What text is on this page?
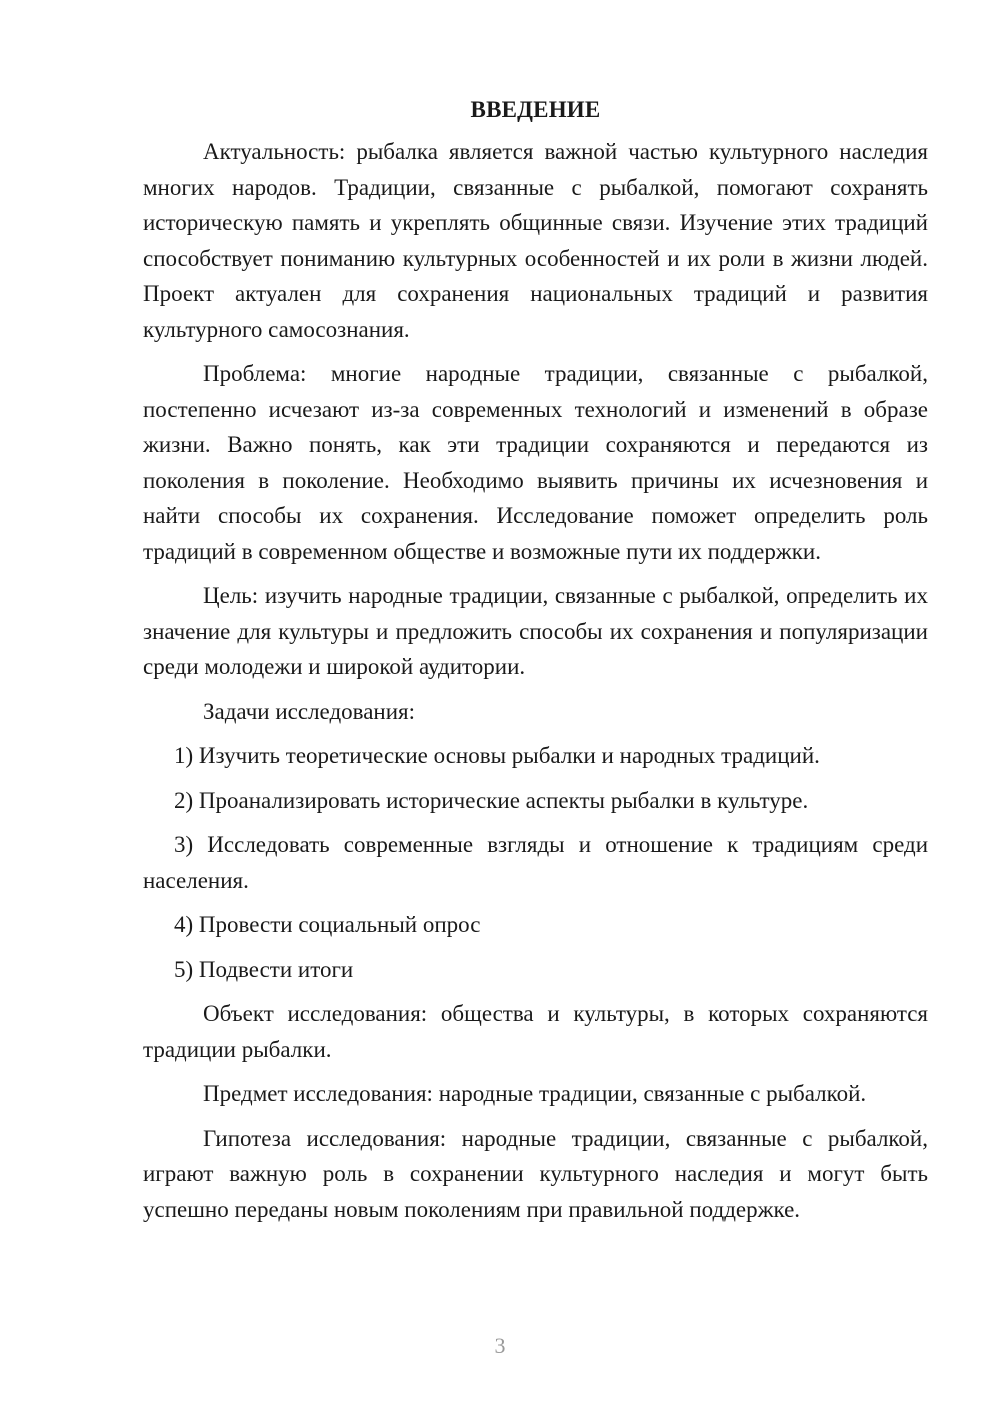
ВВЕДЕНИЕ

Актуальность: рыбалка является важной частью культурного наследия многих народов. Традиции, связанные с рыбалкой, помогают сохранять историческую память и укреплять общинные связи. Изучение этих традиций способствует пониманию культурных особенностей и их роли в жизни людей. Проект актуален для сохранения национальных традиций и развития культурного самосознания.

Проблема: многие народные традиции, связанные с рыбалкой, постепенно исчезают из-за современных технологий и изменений в образе жизни. Важно понять, как эти традиции сохраняются и передаются из поколения в поколение. Необходимо выявить причины их исчезновения и найти способы их сохранения. Исследование поможет определить роль традиций в современном обществе и возможные пути их поддержки.

Цель: изучить народные традиции, связанные с рыбалкой, определить их значение для культуры и предложить способы их сохранения и популяризации среди молодежи и широкой аудитории.

Задачи исследования:

1) Изучить теоретические основы рыбалки и народных традиций.

2) Проанализировать исторические аспекты рыбалки в культуре.

3) Исследовать современные взгляды и отношение к традициям среди населения.

4) Провести социальный опрос

5) Подвести итоги

Объект исследования: общества и культуры, в которых сохраняются традиции рыбалки.

Предмет исследования: народные традиции, связанные с рыбалкой.

Гипотеза исследования: народные традиции, связанные с рыбалкой, играют важную роль в сохранении культурного наследия и могут быть успешно переданы новым поколениям при правильной поддержке.

3
